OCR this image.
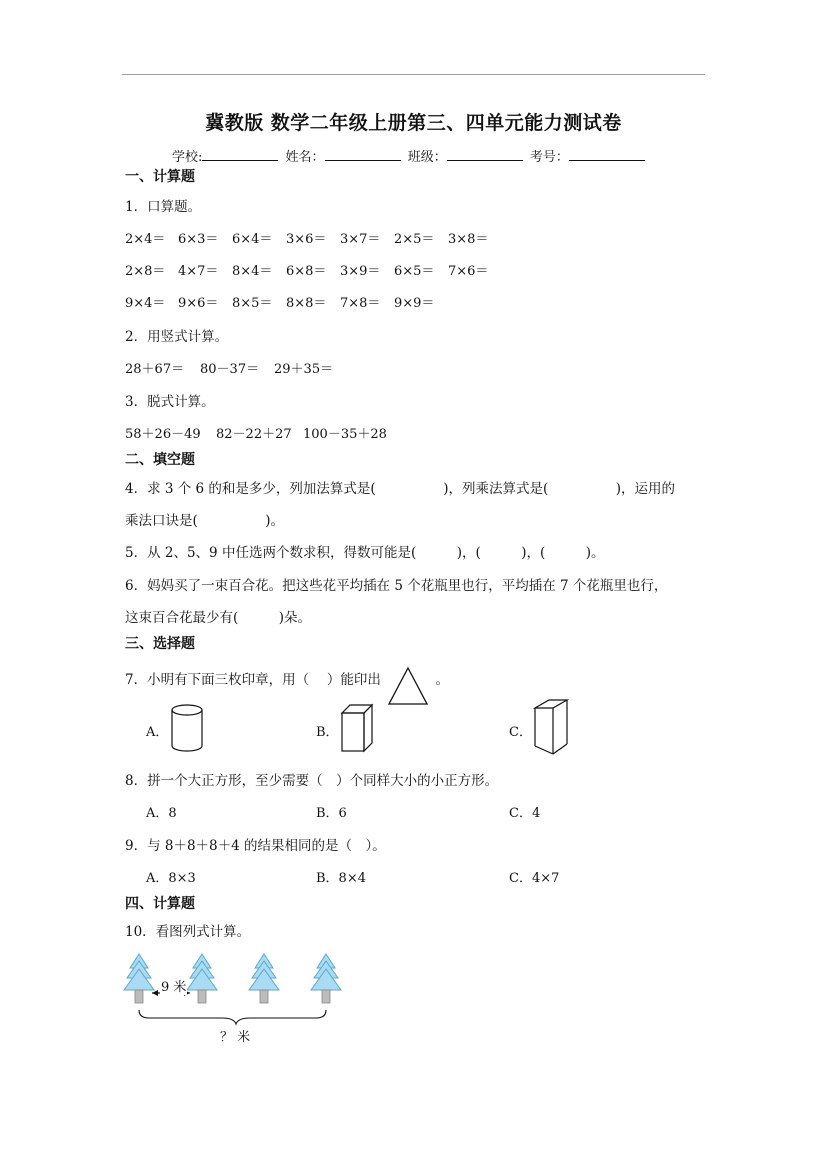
冀教版 数学二年级上册第三、四单元能力测试卷
学校:	姓名：	班级：	考号：
一、计算题
1．口算题。
2×4＝ 6×3＝ 6×4＝ 3×6＝ 3×7＝ 2×5＝ 3×8＝
2×8＝ 4×7＝ 8×4＝ 6×8＝ 3×9＝ 6×5＝ 7×6＝
9×4＝ 9×6＝ 8×5＝ 8×8＝ 7×8＝ 9×9＝
2．用竖式计算。
28＋67＝ 80－37＝ 29＋35＝
3．脱式计算。
58＋26－49 82－22＋27 100－35＋28
二、填空题
4．求 3 个 6 的和是多少，列加法算式是(　　　　　)，列乘法算式是(　　　　　)，运用的
乘法口诀是(　　　　　)。
5．从 2、5、9 中任选两个数求积，得数可能是(　　　)，(　　　)，(　　　)。
6．妈妈买了一束百合花。把这些花平均插在 5 个花瓶里也行，平均插在 7 个花瓶里也行，
这束百合花最少有(　　　)朵。
三、选择题
7．小明有下面三枚印章，用（　 ）能印出	。
A．	B．	C．
8．拼一个大正方形，至少需要（　）个同样大小的小正方形。
A．8	B．6	C．4
9．与 8＋8＋8＋4 的结果相同的是（　）。
A．8×3	B．8×4	C．4×7
四、计算题
10．看图列式计算。
9 米
？ 米
